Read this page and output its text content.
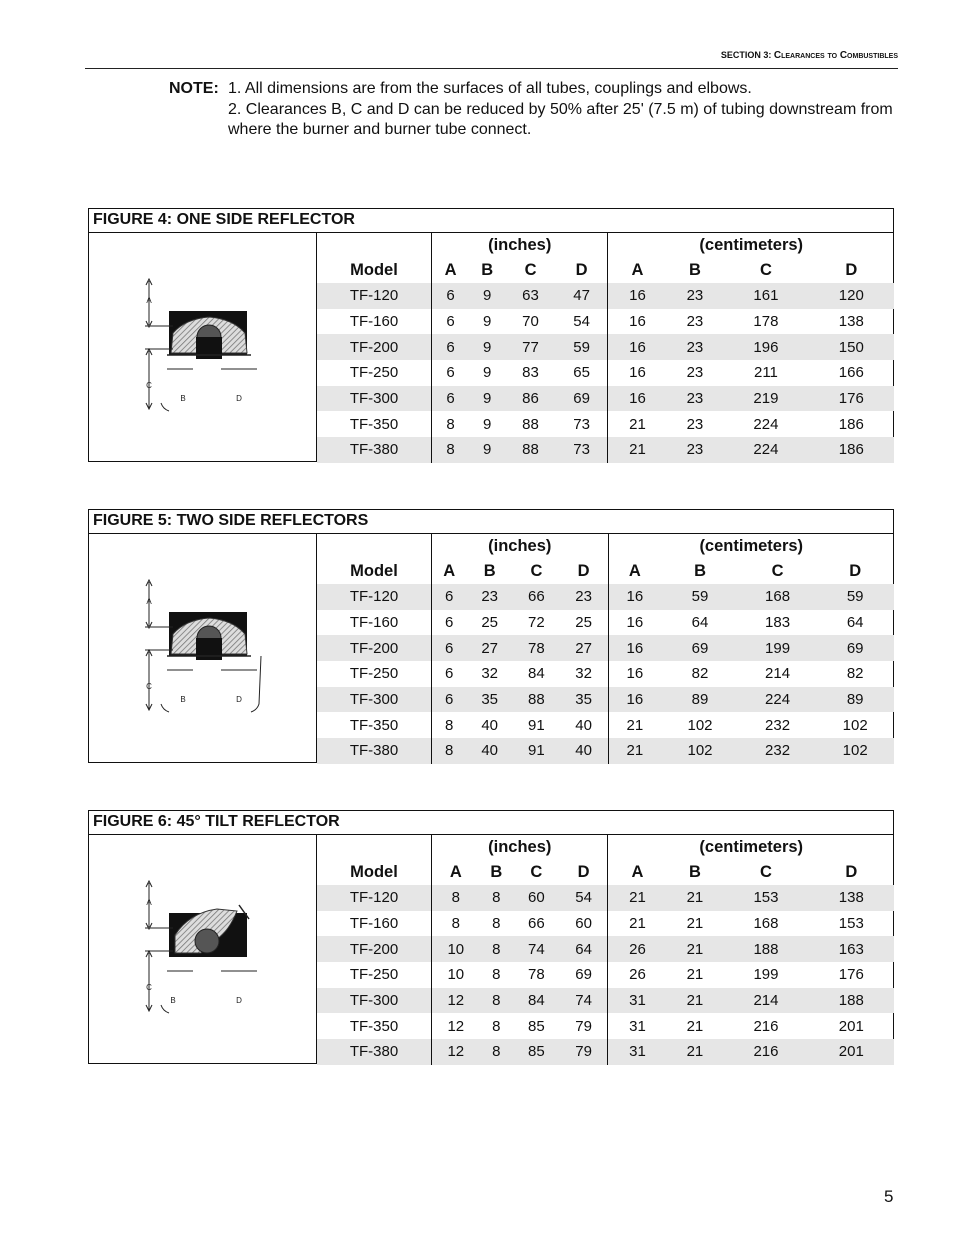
SECTION 3: Clearances to Combustibles
NOTE: 1. All dimensions are from the surfaces of all tubes, couplings and elbows.
2. Clearances B, C and D can be reduced by 50% after 25' (7.5 m) of tubing downstream from where the burner and burner tube connect.
FIGURE 4: ONE SIDE REFLECTOR
A
B
C
D
	(inches)				(centimeters)			
Model	A	B	C	D	A	B	C	D
TF-120	6	9	63	47	16	23	161	120
TF-160	6	9	70	54	16	23	178	138
TF-200	6	9	77	59	16	23	196	150
TF-250	6	9	83	65	16	23	211	166
TF-300	6	9	86	69	16	23	219	176
TF-350	8	9	88	73	21	23	224	186
TF-380	8	9	88	73	21	23	224	186
FIGURE 5: TWO SIDE REFLECTORS
A
B
C
D
	(inches)				(centimeters)			
Model	A	B	C	D	A	B	C	D
TF-120	6	23	66	23	16	59	168	59
TF-160	6	25	72	25	16	64	183	64
TF-200	6	27	78	27	16	69	199	69
TF-250	6	32	84	32	16	82	214	82
TF-300	6	35	88	35	16	89	224	89
TF-350	8	40	91	40	21	102	232	102
TF-380	8	40	91	40	21	102	232	102
FIGURE 6: 45° TILT REFLECTOR
A
B
C
D
	(inches)				(centimeters)			
Model	A	B	C	D	A	B	C	D
TF-120	8	8	60	54	21	21	153	138
TF-160	8	8	66	60	21	21	168	153
TF-200	10	8	74	64	26	21	188	163
TF-250	10	8	78	69	26	21	199	176
TF-300	12	8	84	74	31	21	214	188
TF-350	12	8	85	79	31	21	216	201
TF-380	12	8	85	79	31	21	216	201
5
